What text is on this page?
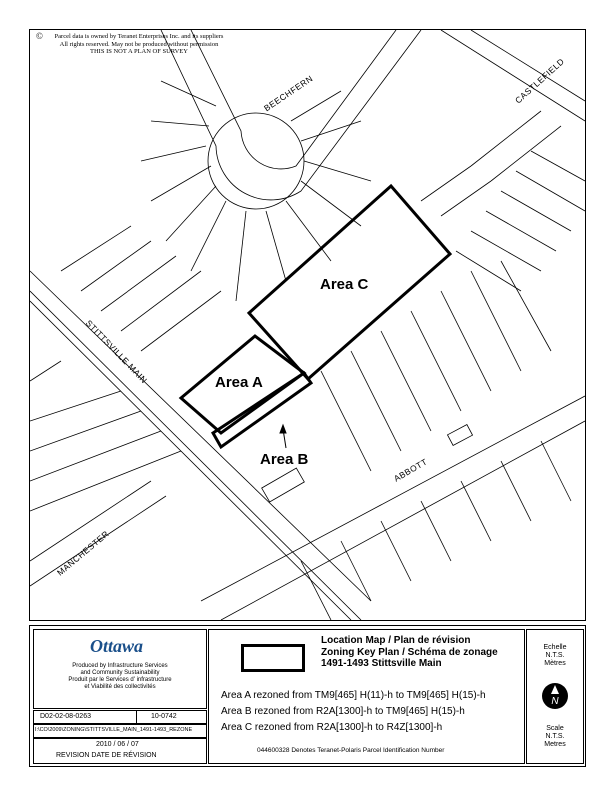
©	Parcel data is owned by Teranet Enterprises Inc. and its suppliers
All rights reserved. May not be produced without permission
THIS IS NOT A PLAN OF SURVEY
BEECHFERN	CASTLEFIELD
STITTSVILLE MAIN
ABBOTT
MANCHESTER
Area C
Area A
Area B
Ottawa
Produced by Infrastructure Services
and Community Sustainability
Produit par le Services d' infrastructure
et Viabilité des collectivités
D02-02-08-0263	10-0742
I:\CO\2009\ZONING\STITTSVILLE_MAIN_1491-1493_REZONE
2010 / 06 / 07
REVISION DATE DE RÉVISION
Location Map / Plan de révision
Zoning Key Plan / Schéma de zonage
1491-1493 Stittsville Main
Area A rezoned from TM9[465] H(11)-h to TM9[465] H(15)-h
Area B rezoned from R2A[1300]-h to TM9[465] H(15)-h
Area C rezoned from R2A[1300]-h to R4Z[1300]-h
044600328 Denotes Teranet-Polaris Parcel Identification Number
Echelle
N.T.S.
Mètres
N
Scale
N.T.S.
Metres
